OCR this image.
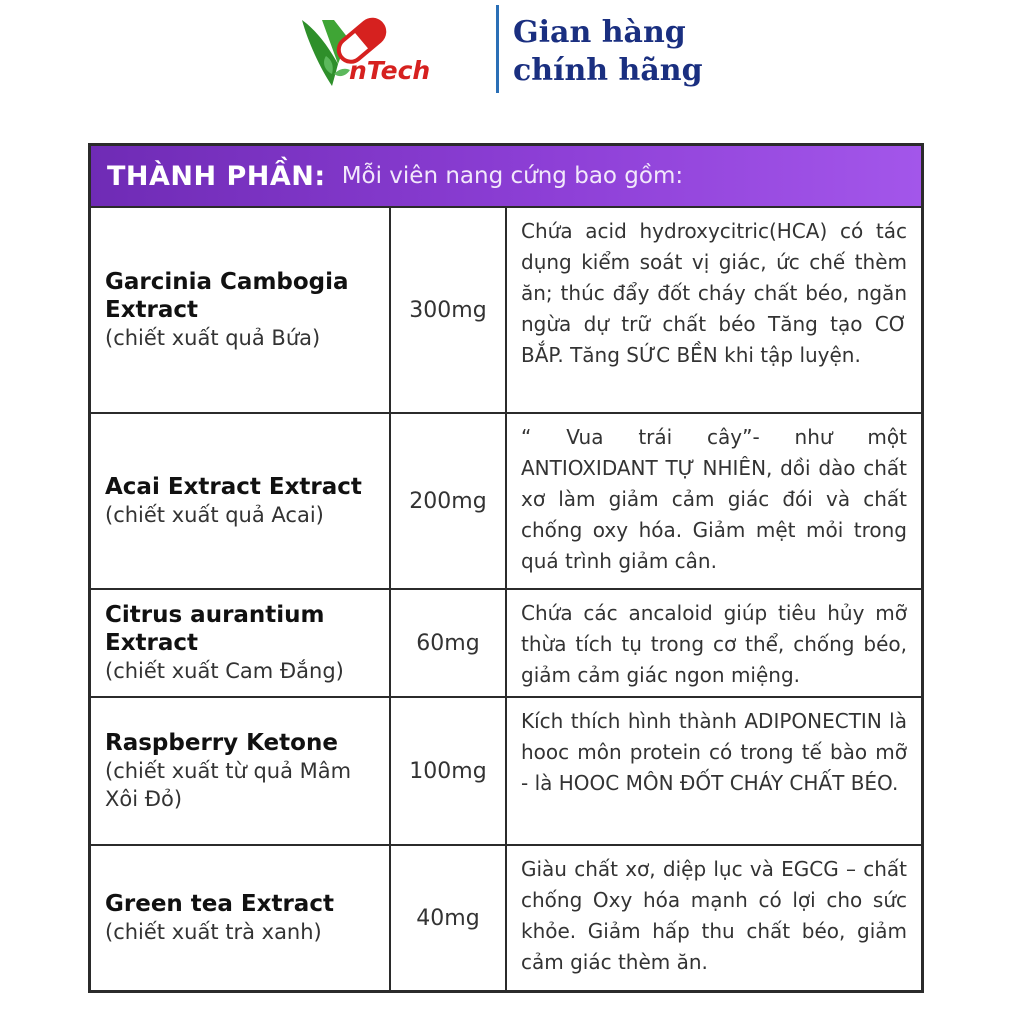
nTech
Gian hàng
chính hãng
THÀNH PHẦN: Mỗi viên nang cứng bao gồm:
Garcinia Cambogia Extract
(chiết xuất quả Bứa)
300mg
Chứa acid hydroxycitric(HCA) có tác dụng kiểm soát vị giác, ức chế thèm ăn; thúc đẩy đốt cháy chất béo, ngăn ngừa dự trữ chất béo Tăng tạo CƠ BẮP. Tăng SỨC BỀN khi tập luyện.
Acai Extract Extract
(chiết xuất quả Acai)
200mg
“ Vua trái cây”- như một ANTIOXIDANT TỰ NHIÊN, dồi dào chất xơ làm giảm cảm giác đói và chất chống oxy hóa. Giảm mệt mỏi trong quá trình giảm cân.
Citrus aurantium Extract
(chiết xuất Cam Đắng)
60mg
Chứa các ancaloid giúp tiêu hủy mỡ thừa tích tụ trong cơ thể, chống béo, giảm cảm giác ngon miệng.
Raspberry Ketone
(chiết xuất từ quả Mâm Xôi Đỏ)
100mg
Kích thích hình thành ADIPONECTIN là hooc môn protein có trong tế bào mỡ - là HOOC MÔN ĐỐT CHÁY CHẤT BÉO.
Green tea Extract
(chiết xuất trà xanh)
40mg
Giàu chất xơ, diệp lục và EGCG – chất chống Oxy hóa mạnh có lợi cho sức khỏe. Giảm hấp thu chất béo, giảm cảm giác thèm ăn.
